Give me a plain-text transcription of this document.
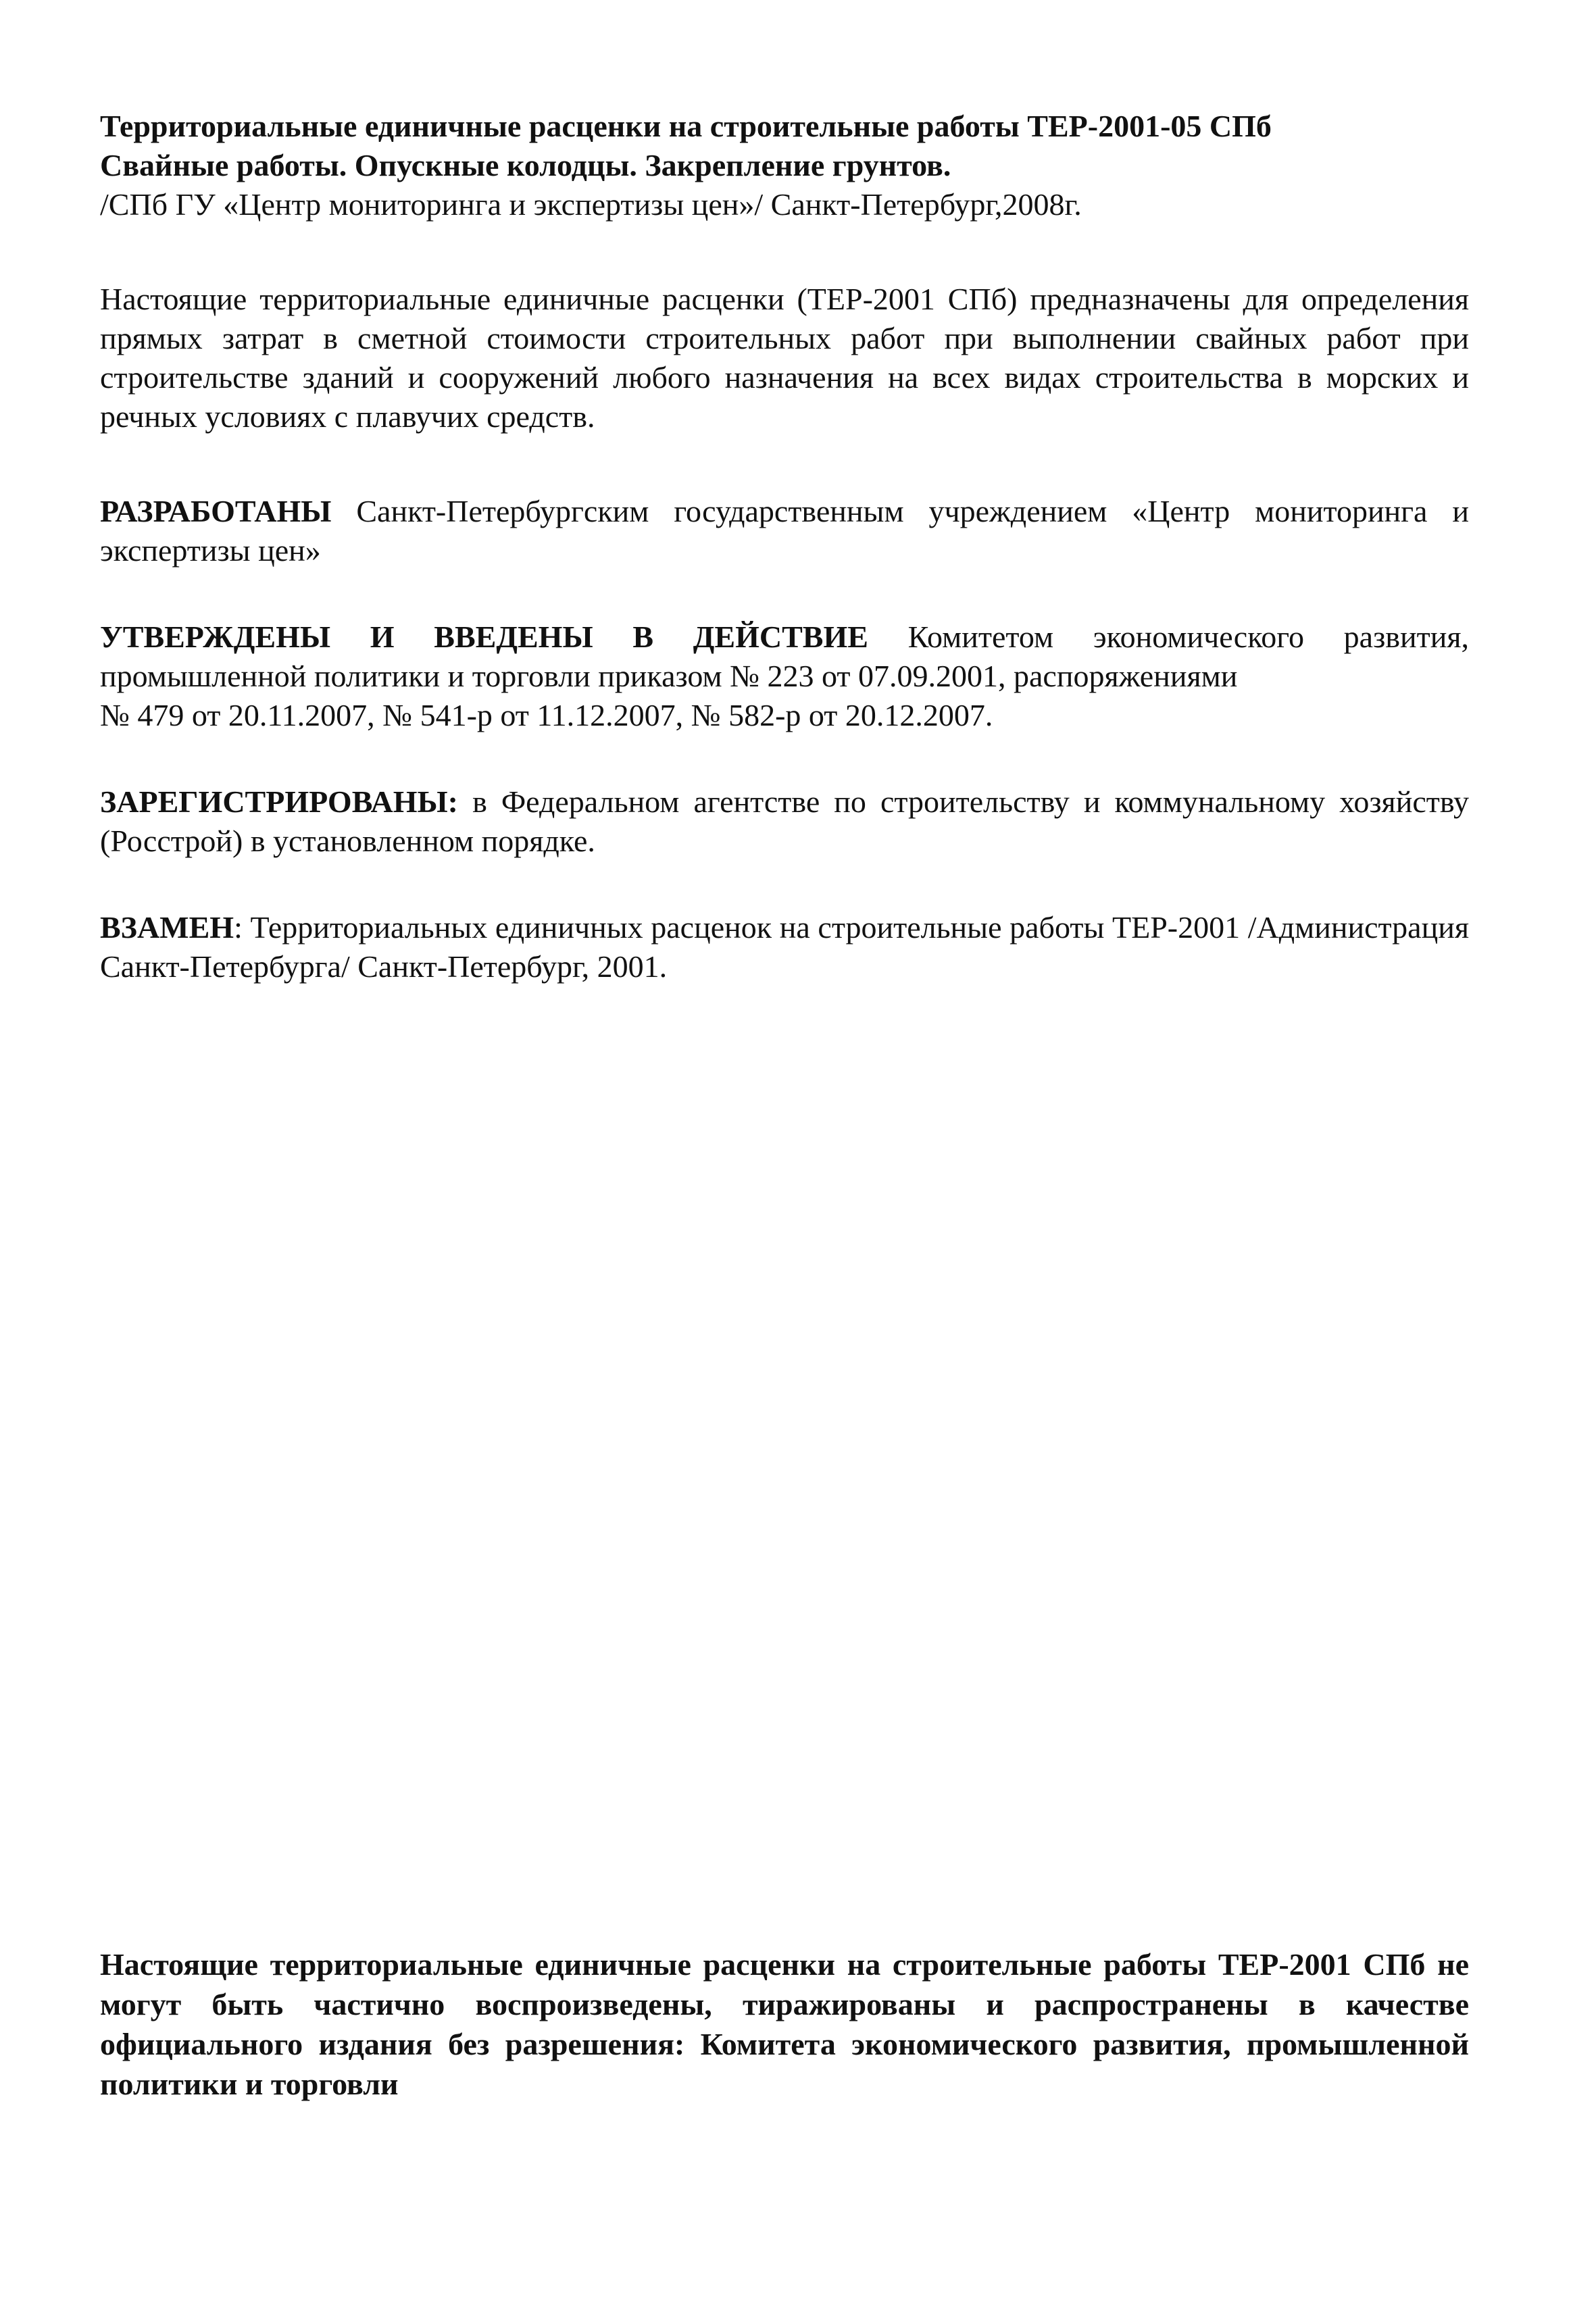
Территориальные единичные расценки на строительные работы ТЕР-2001-05 СПб

Свайные работы. Опускные колодцы. Закрепление грунтов.

/СПб ГУ «Центр мониторинга и экспертизы цен»/ Санкт-Петербург,2008г.

Настоящие территориальные единичные расценки (ТЕР-2001 СПб) предназначены для определения прямых затрат в сметной стоимости строительных работ при выполнении свайных работ при строительстве зданий и сооружений любого назначения на всех видах строительства в морских и речных условиях с плавучих средств.

РАЗРАБОТАНЫ Санкт-Петербургским государственным учреждением «Центр мониторинга и экспертизы цен»

УТВЕРЖДЕНЫ И ВВЕДЕНЫ В ДЕЙСТВИЕ Комитетом экономического развития,

промышленной политики и торговли приказом № 223 от 07.09.2001, распоряжениями

№ 479 от 20.11.2007, № 541-р от 11.12.2007, № 582-р от 20.12.2007.

ЗАРЕГИСТРИРОВАНЫ: в Федеральном агентстве по строительству и коммунальному хозяйству (Росстрой) в установленном порядке.

ВЗАМЕН: Территориальных единичных расценок на строительные работы ТЕР-2001 /Администрация Санкт-Петербурга/ Санкт-Петербург, 2001.

Настоящие территориальные единичные расценки на строительные работы ТЕР-2001 СПб не могут быть частично воспроизведены, тиражированы и распространены в качестве официального издания без разрешения: Комитета экономического развития, промышленной политики и торговли
